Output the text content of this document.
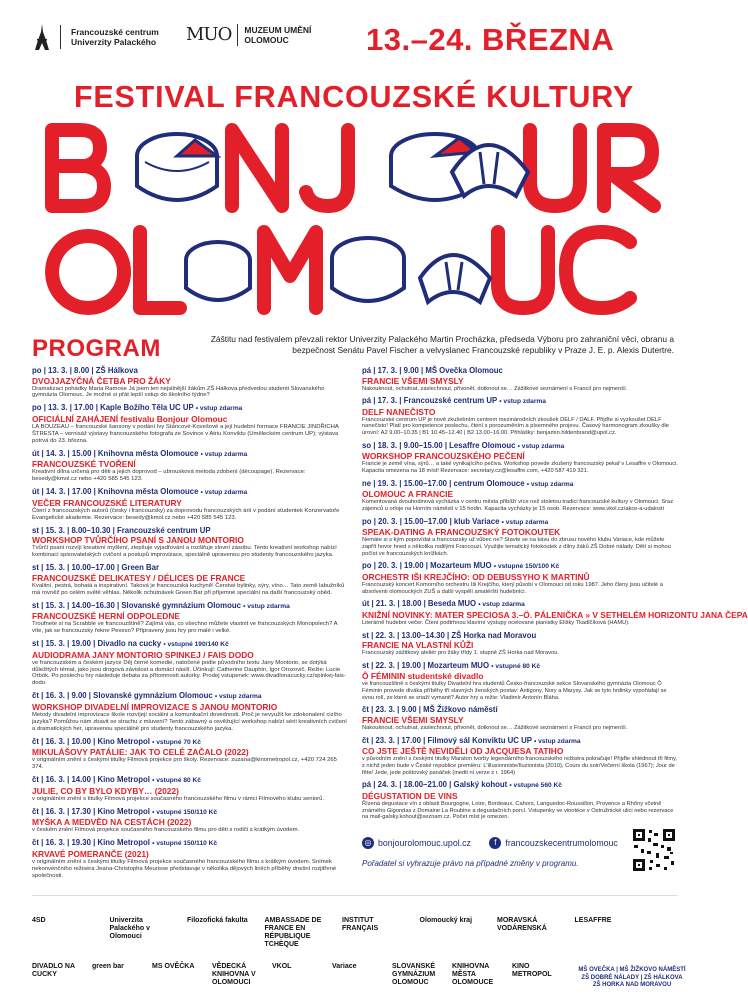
Francouzské centrum
Univerzity Palackého MUO MUZEUM UMĚNÍ
OLOMOUC	13.–24. BŘEZNA
FESTIVAL FRANCOUZSKÉ KULTURY
PROGRAM	Záštitu nad festivalem převzali rektor Univerzity Palackého Martin Procházka, předseda Výboru pro zahraniční věci, obranu a bezpečnost Senátu Pavel Fischer a velvyslanec Francouzské republiky v Praze J. E. p. Alexis Dutertre.
po | 13. 3. | 8.00 | ZŠ Hálkova
DVOJJAZYČNÁ ČETBA PRO ŽÁKY
Dramatizaci pohádky Maria Ramose Já jsem ten nejsilnější žákům ZŠ Hálkova předvedou studenti Slovanského gymnázia Olomouc. Je možné si přát lepší vstup do školního týdne?
po | 13. 3. | 17.00 | Kaple Božího Těla UC UP • vstup zdarma
OFICIÁLNÍ ZAHÁJENÍ festivalu Bonjour Olomouc
LA BOUZEAU – francouzské šansony v podání Ivy Stáncové-Kovešové a její hudební formace FRANCIE JINDŘICHA ŠTRESTA – vernisáž výstavy francouzského fotografa ze Sovince v Atriu Konviktu (Uměleckém centrum UP); výstava potrvá do 23. března.
út | 14. 3. | 15.00 | Knihovna města Olomouce • vstup zdarma
FRANCOUZSKÉ TVOŘENÍ
Kreativní dílna určená pro děti a jejich doprovod – ubrousková metoda zdobení (découpage). Rezervace: besedy@kmol.cz nebo +420 585 545 123.
út | 14. 3. | 17.00 | Knihovna města Olomouce • vstup zdarma
VEČER FRANCOUZSKÉ LITERATURY
Čtení z francouzských autorů (česky i francouzsky) za doprovodu francouzských árií v podání studentek Konzervatoře Evangelické akademie. Rezervace: besedy@kmol.cz nebo +420 585 545 123.
st | 15. 3. | 8.00–10.30 | Francouzské centrum UP
WORKSHOP TVŮRČÍHO PSANÍ S JANOU MONTORIO
Tvůrčí psaní rozvíjí kreativní myšlení, zlepšuje vyjadřování a rozšiřuje slovní zásobu. Tento kreativní workshop nabízí kombinaci spisovatelských cvičení a postupů improvizace, speciálně upravenou pro studenty francouzského jazyka.
st | 15. 3. | 10.00–17.00 | Green Bar
FRANCOUZSKÉ DELIKATESY / DÉLICES DE FRANCE
Kvalitní, pestrá, bohatá a inspirativní. Taková je francouzská kuchyně! Čerstvé bylinky, sýry, víno… Tato země labužníků má rovněž po celém světě věhlas. Několik ochutnávek Green Bar při příjemné speciální na další francouzský oběd.
st | 15. 3. | 14.00–16.30 | Slovanské gymnázium Olomouc • vstup zdarma
FRANCOUZSKÉ HERNÍ ODPOLEDNE
Troufnete si na Scrabble ve francouzštině? Zajímá vás, co všechno můžete vlastnit ve francouzských Monopolech? A víte, jak se francouzsky řekne Pexeso? Připraveny jsou hry pro malé i velké.
st | 15. 3. | 19.00 | Divadlo na cucky • vstupné 190/140 Kč
AUDIODRAMA JANY MONTORIO SPINKEJ / FAIS DODO
ve francouzském a českém jazyce Děj černé komedie, natočené podle původního textu Jany Montorio, se dotýká důležitých témat, jako jsou drogová závislost a domácí násilí. Účinkují: Catherine Dauphin, Igor Orozovič. Režie: Lucie Orbók. Po poslechu hry následuje debata za přítomnosti autorky. Prodej vstupenek: www.divadlonacucky.cz/spinkej-fais-dodo.
čt | 16. 3. | 9.00 | Slovanské gymnázium Olomouc • vstup zdarma
WORKSHOP DIVADELNÍ IMPROVIZACE S JANOU MONTORIO
Metody divadelní improvizace škole rozvíjejí sociální a komunikační dovednosti. Proč je nevyužít ke zdokonalení cizího jazyka? Pomůžou nám zbavit se strachu z mluvení? Tento zábavný a osvěžující workshop nabízí sérii kreativních cvičení a dramatických her, upravenou speciálně pro studenty francouzského jazyka.
čt | 16. 3. | 10.00 | Kino Metropol • vstupné 70 Kč
MIKULÁŠOVY PATÁLIE: JAK TO CELÉ ZAČALO (2022)
v originálním znění s českými titulky Filmová projekce pro školy. Rezervace: zuzana@kinometropol.cz, +420 724 265 374.
čt | 16. 3. | 14.00 | Kino Metropol • vstupné 80 Kč
JULIE, CO BY BYLO KDYBY… (2022)
v originálním znění s titulky Filmová projekce současného francouzského filmu v rámci Filmového klubu seniorů.
čt | 16. 3. | 17.30 | Kino Metropol • vstupné 150/110 Kč
MYŠKA A MEDVĚD NA CESTÁCH (2022)
v českém znění Filmová projekce současného francouzského filmu pro děti s rodiči s krátkým úvodem.
čt | 16. 3. | 19.30 | Kino Metropol • vstupné 150/110 Kč
KRVAVÉ POMERANČE (2021)
v originálním znění s českými titulky Filmová projekce současného francouzského filmu s krátkým úvodem. Snímek nekonvenčního režiséra Jeana-Christopha Meurisse představuje v několika dějových liniích příběhy dnešní rozjitřené společnosti.
pá | 17. 3. | 9.00 | MŠ Ovečka Olomouc
FRANCIE VŠEMI SMYSLY
Nakouknout, ochutnat, zaslechnout, přivonět, dotknout se… Zážitkové seznámení s Francií pro nejmenší.
pá | 17. 3. | Francouzské centrum UP • vstup zdarma
DELF NANEČISTO
Francouzské centrum UP je nově zkušebním centrem mezinárodních zkoušek DELF / DALF. Přijďte si vyzkoušet DELF nanečisto! Platí pro kompetence poslechu, čtení s porozuměním a písemného projevu. Časový harmonogram zkoušky dle úrovní: A2 9.00–10.35 | B1 10.45–12.40 | B2 13.00–16.00. Přihlášky: benjamin.hildenbrand@upol.cz.
so | 18. 3. | 9.00–15.00 | Lesaffre Olomouc • vstup zdarma
WORKSHOP FRANCOUZSKÉHO PEČENÍ
Francie je země vína, sýrů… a také vynikajícího pečiva. Workshop povede zkušený francouzský pekař v Lesaffre v Olomouci. Kapacita omezena na 18 míst! Rezervace: secretary.cz@lesaffre.com, +420 587 419 321.
ne | 19. 3. | 15.00–17.00 | centrum Olomouce • vstup zdarma
OLOMOUC A FRANCIE
Komentovaná dvouhodinová vycházka v centru města přiblíží více než stoletou tradici francouzské kultury v Olomouci. Sraz zájemců u orloje na Horním náměstí v 15 hodin. Kapacita vycházky je 15 osob. Rezervace: www.vkol.cz/akce-a-udalosti
po | 20. 3. | 15.00–17.00 | klub Variace • vstup zdarma
SPEAK-DATING A FRANCOUZSKÝ FOTOKOUTEK
Nemáte si s kým popovídat a francouzsky už vůbec ne? Stavte se na kávu do zbrusu nového klubu Variace, kde můžete zapřít hovor hned s několika rodilými Francouzi. Využijte tematický fotokoutek z dílny žáků ZŠ Dobré nálady. Dětí si mohou počíst ve francouzských knížkách.
po | 20. 3. | 19.00 | Mozarteum MUO • vstupné 150/100 Kč
ORCHESTR IŠI KREJČÍHO: OD DEBUSSYHO K MARTINŮ
Francouzský koncert Komorního orchestru Iši Krejčího, který působí v Olomouci od roku 1987. Jeho členy jsou učitelé a absolventi olomouckých ZUŠ a další vyspělí amatérští hudebníci.
út | 21. 3. | 18.00 | Beseda MUO • vstup zdarma
KNIŽNÍ NOVINKY: MATER SPECIOSA 3.–Ö. PÁLENIČKA » V SETHELÉM HORIZONTU JANA ČEPA
Literárně hudební večer. Čtení podtrhnou klavírní výstupy ocelované pianistky Elišky Tkadlčíková (HAMU).
st | 22. 3. | 13.00–14.30 | ZŠ Horka nad Moravou
FRANCIE NA VLASTNÍ KŮŽI
Francouzský zážitkový ateliér pro žáky třídy 1. stupně ZŠ Horka nad Moravou.
st | 22. 3. | 19.00 | Mozarteum MUO • vstupné 80 Kč
Ô FÉMININ studentské divadlo
ve francouzštině s českými titulky Divadelní hra studentů Česko-francouzské sekce Slovanského gymnázia Olomouc Ô Féminin provede diváka příběhy tří slavných ženských postav: Antigony, Nory a Marysy. Jak se tyto hrdinky vypořádají se svou rolí, ze které se snaží vymanit? Autor hry a režie: Vladimír Antonín Bláha.
čt | 23. 3. | 9.00 | MŠ Žižkovo náměstí
FRANCIE VŠEMI SMYSLY
Nakouknout, ochutnat, zaslechnout, přivonět, dotknout se… Zážitkové seznámení s Francií pro nejmenší.
čt | 23. 3. | 17.00 | Filmový sál Konviktu UC UP • vstup zdarma
CO JSTE JEŠTĚ NEVIDĚLI OD JACQUESA TATIHO
v původním znění s českými titulky Maraton tvorby legendárního francouzského režiséra pokračuje! Přijďte shlédnout tři filmy, z nichž jeden bude v České republice premiéru: L'illusionniste/Iluzionista (2010), Cours du soir/Večerní škola (1967); Jour de fête/ Jede, jede poštovský panáček (inedit ní verze z r. 1964)
pá | 24. 3. | 18.00–21.00 | Galský kohout • vstupné 560 Kč
DÉGUSTATION DE VINS
Řízená degustace vín z oblasti Bourgogne, Loire, Bordeaux, Cahors, Languedoc-Roussillon, Provence a Rhôny včetně známého Gigondas z Domaine La Roubine a degustačních porcí. Vstupenky ve vinotéce v Ostružnické ulici nebo rezervace na mail-galsky.kohout@seznam.cz. Počet míst je omezen.
◎ bonjourolomouc.upol.cz
	f	francouzskecentrumolomouc
Pořadatel si vyhrazuje právo na případné změny v programu.
4SD	Univerzita Palackého v Olomouci
Filozofická fakulta	AMBASSADE DE FRANCE EN RÉPUBLIQUE TCHÈQUE
INSTITUT FRANÇAIS
Olomoucký kraj	MORAVSKÁ VODÁRENSKÁ
LESAFFRE
DIVADLO NA CUCKY
green bar	MS OVĚČKA	VĚDECKÁ KNIHOVNA V OLOMOUCI
VKOL	Variace	SLOVANSKÉ GYMNÁZIUM OLOMOUC
KNIHOVNA MĚSTA OLOMOUCE
KINO METROPOL
MŠ OVEČKA | MŠ ŽIŽKOVO NÁMĚSTÍ
ZŠ DOBRÉ NÁLADY | ZŠ HÁLKOVA
ZŠ HORKA NAD MORAVOU
